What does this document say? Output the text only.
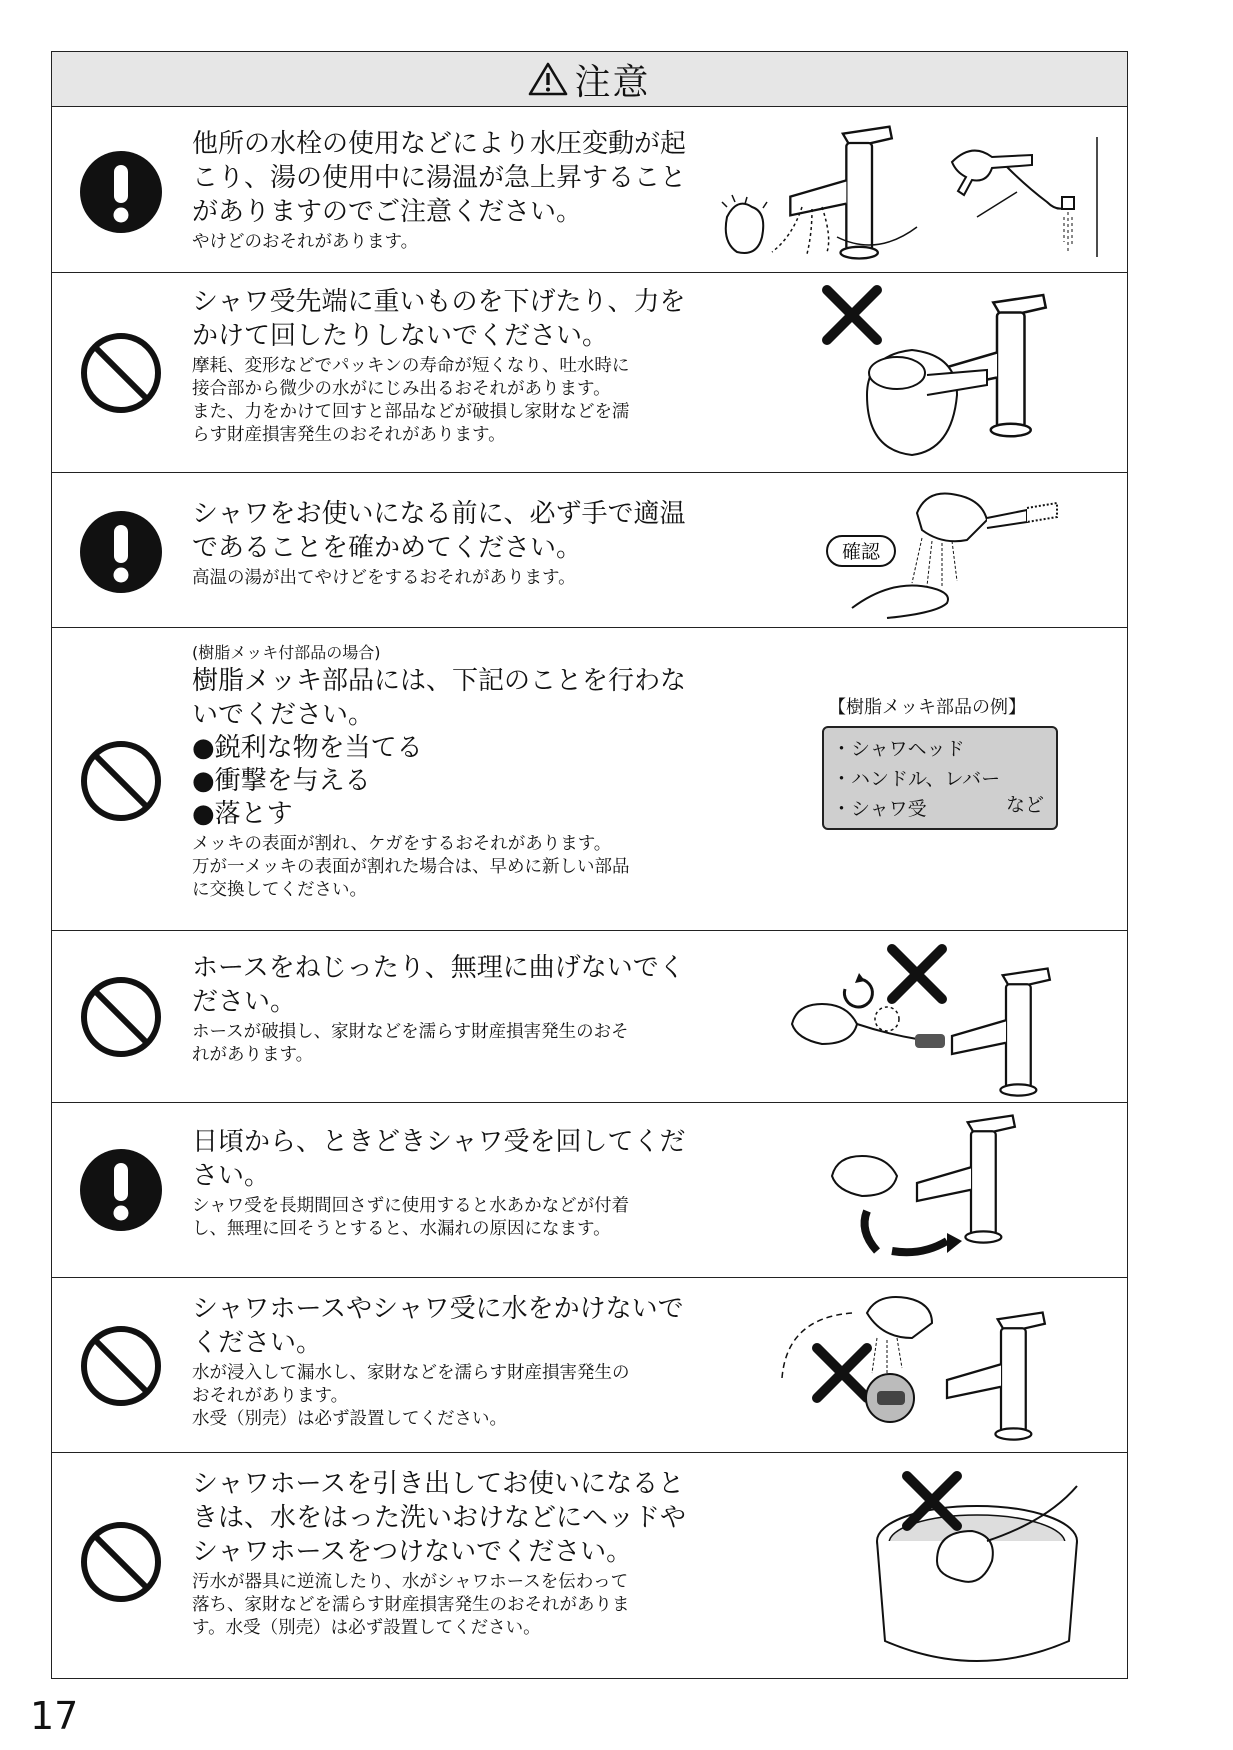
注意
他所の水栓の使用などにより水圧変動が起
こり、湯の使用中に湯温が急上昇すること
がありますのでご注意ください。
やけどのおそれがあります。
シャワ受先端に重いものを下げたり、力を
かけて回したりしないでください。
摩耗、変形などでパッキンの寿命が短くなり、吐水時に
接合部から微少の水がにじみ出るおそれがあります。
また、力をかけて回すと部品などが破損し家財などを濡
らす財産損害発生のおそれがあります。
シャワをお使いになる前に、必ず手で適温
であることを確かめてください。
高温の湯が出てやけどをするおそれがあります。
確認
(樹脂メッキ付部品の場合)
樹脂メッキ部品には、下記のことを行わな
いでください。
●鋭利な物を当てる
●衝撃を与える
●落とす
メッキの表面が割れ、ケガをするおそれがあります。
万が一メッキの表面が割れた場合は、早めに新しい部品
に交換してください。
【樹脂メッキ部品の例】
・シャワヘッド
・ハンドル、レバー
・シャワ受	など
ホースをねじったり、無理に曲げないでく
ださい。
ホースが破損し、家財などを濡らす財産損害発生のおそ
れがあります。
日頃から、ときどきシャワ受を回してくだ
さい。
シャワ受を長期間回さずに使用すると水あかなどが付着
し、無理に回そうとすると、水漏れの原因になます。
シャワホースやシャワ受に水をかけないで
ください。
水が浸入して漏水し、家財などを濡らす財産損害発生の
おそれがあります。
水受（別売）は必ず設置してください。
シャワホースを引き出してお使いになると
きは、水をはった洗いおけなどにヘッドや
シャワホースをつけないでください。
汚水が器具に逆流したり、水がシャワホースを伝わって
落ち、家財などを濡らす財産損害発生のおそれがありま
す。水受（別売）は必ず設置してください。
17
